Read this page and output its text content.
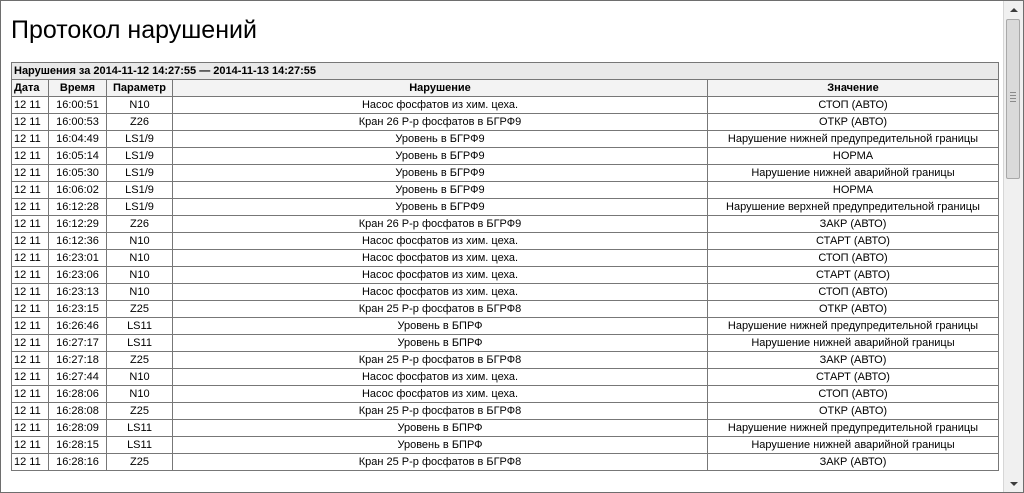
Протокол нарушений
Нарушения за 2014-11-12 14:27:55 — 2014-11-13 14:27:55				
Дата	Время	Параметр	Нарушение	Значение
12 11	16:00:51	N10	Насос фосфатов из хим. цеха.	СТОП (АВТО)
12 11	16:00:53	Z26	Кран 26 Р-р фосфатов в БГРФ9	ОТКР (АВТО)
12 11	16:04:49	LS1/9	Уровень в БГРФ9	Нарушение нижней предупредительной границы
12 11	16:05:14	LS1/9	Уровень в БГРФ9	НОРМА
12 11	16:05:30	LS1/9	Уровень в БГРФ9	Нарушение нижней аварийной границы
12 11	16:06:02	LS1/9	Уровень в БГРФ9	НОРМА
12 11	16:12:28	LS1/9	Уровень в БГРФ9	Нарушение верхней предупредительной границы
12 11	16:12:29	Z26	Кран 26 Р-р фосфатов в БГРФ9	ЗАКР (АВТО)
12 11	16:12:36	N10	Насос фосфатов из хим. цеха.	СТАРТ (АВТО)
12 11	16:23:01	N10	Насос фосфатов из хим. цеха.	СТОП (АВТО)
12 11	16:23:06	N10	Насос фосфатов из хим. цеха.	СТАРТ (АВТО)
12 11	16:23:13	N10	Насос фосфатов из хим. цеха.	СТОП (АВТО)
12 11	16:23:15	Z25	Кран 25 Р-р фосфатов в БГРФ8	ОТКР (АВТО)
12 11	16:26:46	LS11	Уровень в БПРФ	Нарушение нижней предупредительной границы
12 11	16:27:17	LS11	Уровень в БПРФ	Нарушение нижней аварийной границы
12 11	16:27:18	Z25	Кран 25 Р-р фосфатов в БГРФ8	ЗАКР (АВТО)
12 11	16:27:44	N10	Насос фосфатов из хим. цеха.	СТАРТ (АВТО)
12 11	16:28:06	N10	Насос фосфатов из хим. цеха.	СТОП (АВТО)
12 11	16:28:08	Z25	Кран 25 Р-р фосфатов в БГРФ8	ОТКР (АВТО)
12 11	16:28:09	LS11	Уровень в БПРФ	Нарушение нижней предупредительной границы
12 11	16:28:15	LS11	Уровень в БПРФ	Нарушение нижней аварийной границы
12 11	16:28:16	Z25	Кран 25 Р-р фосфатов в БГРФ8	ЗАКР (АВТО)
